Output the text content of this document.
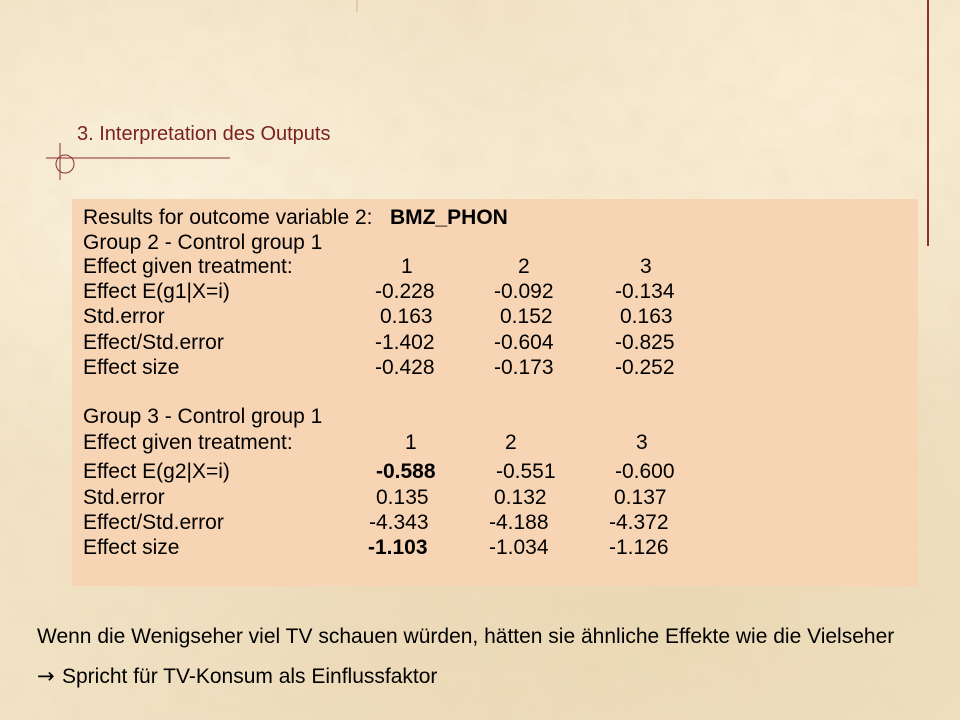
3. Interpretation des Outputs
Results for outcome variable 2: BMZ_PHON
Group 2 - Control group 1
Effect given treatment:	1	2	3
Effect E(g1|X=i)	-0.228	-0.092	-0.134
Std.error	0.163	0.152	0.163
Effect/Std.error	-1.402	-0.604	-0.825
Effect size	-0.428	-0.173	-0.252
Group 3 - Control group 1
Effect given treatment:	1	2	3
Effect E(g2|X=i)	-0.588	-0.551	-0.600
Std.error	0.135	0.132	0.137
Effect/Std.error	-4.343	-4.188	-4.372
Effect size	-1.103	-1.034	-1.126
Wenn die Wenigseher viel TV schauen würden, hätten sie ähnliche Effekte wie die Vielseher
→ Spricht für TV-Konsum als Einflussfaktor
